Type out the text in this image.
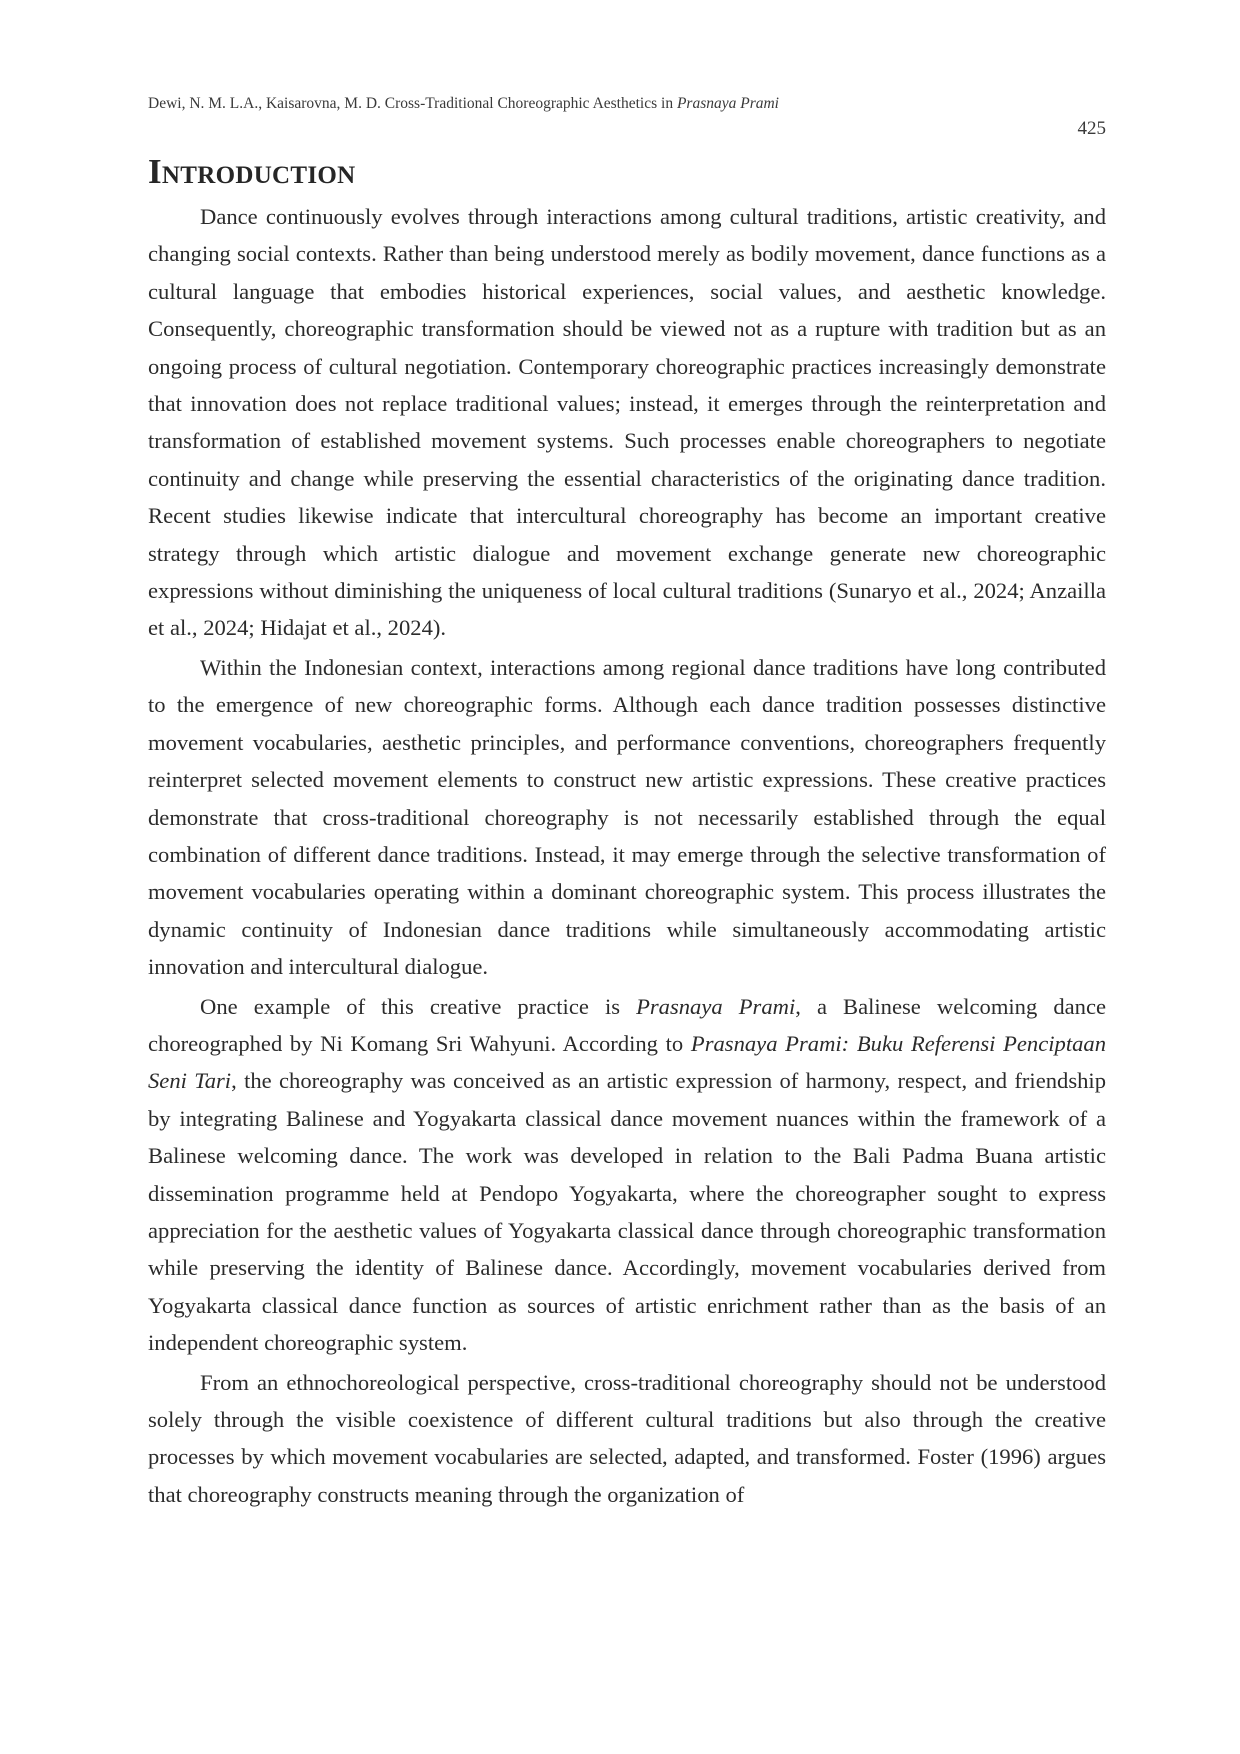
Dewi, N. M. L.A., Kaisarovna, M. D. Cross-Traditional Choreographic Aesthetics in Prasnaya Prami
425
Introduction

Dance continuously evolves through interactions among cultural traditions, artistic creativity, and changing social contexts. Rather than being understood merely as bodily movement, dance functions as a cultural language that embodies historical experiences, social values, and aesthetic knowledge. Consequently, choreographic transformation should be viewed not as a rupture with tradition but as an ongoing process of cultural negotiation. Contemporary choreographic practices increasingly demonstrate that innovation does not replace traditional values; instead, it emerges through the reinterpretation and transformation of established movement systems. Such processes enable choreographers to negotiate continuity and change while preserving the essential characteristics of the originating dance tradition. Recent studies likewise indicate that intercultural choreography has become an important creative strategy through which artistic dialogue and movement exchange generate new choreographic expressions without diminishing the uniqueness of local cultural traditions (Sunaryo et al., 2024; Anzailla et al., 2024; Hidajat et al., 2024).

Within the Indonesian context, interactions among regional dance traditions have long contributed to the emergence of new choreographic forms. Although each dance tradition possesses distinctive movement vocabularies, aesthetic principles, and performance conventions, choreographers frequently reinterpret selected movement elements to construct new artistic expressions. These creative practices demonstrate that cross-traditional choreography is not necessarily established through the equal combination of different dance traditions. Instead, it may emerge through the selective transformation of movement vocabularies operating within a dominant choreographic system. This process illustrates the dynamic continuity of Indonesian dance traditions while simultaneously accommodating artistic innovation and intercultural dialogue.

One example of this creative practice is Prasnaya Prami, a Balinese welcoming dance choreographed by Ni Komang Sri Wahyuni. According to Prasnaya Prami: Buku Referensi Penciptaan Seni Tari, the choreography was conceived as an artistic expression of harmony, respect, and friendship by integrating Balinese and Yogyakarta classical dance movement nuances within the framework of a Balinese welcoming dance. The work was developed in relation to the Bali Padma Buana artistic dissemination programme held at Pendopo Yogyakarta, where the choreographer sought to express appreciation for the aesthetic values of Yogyakarta classical dance through choreographic transformation while preserving the identity of Balinese dance. Accordingly, movement vocabularies derived from Yogyakarta classical dance function as sources of artistic enrichment rather than as the basis of an independent choreographic system.

From an ethnochoreological perspective, cross-traditional choreography should not be understood solely through the visible coexistence of different cultural traditions but also through the creative processes by which movement vocabularies are selected, adapted, and transformed. Foster (1996) argues that choreography constructs meaning through the organization of
